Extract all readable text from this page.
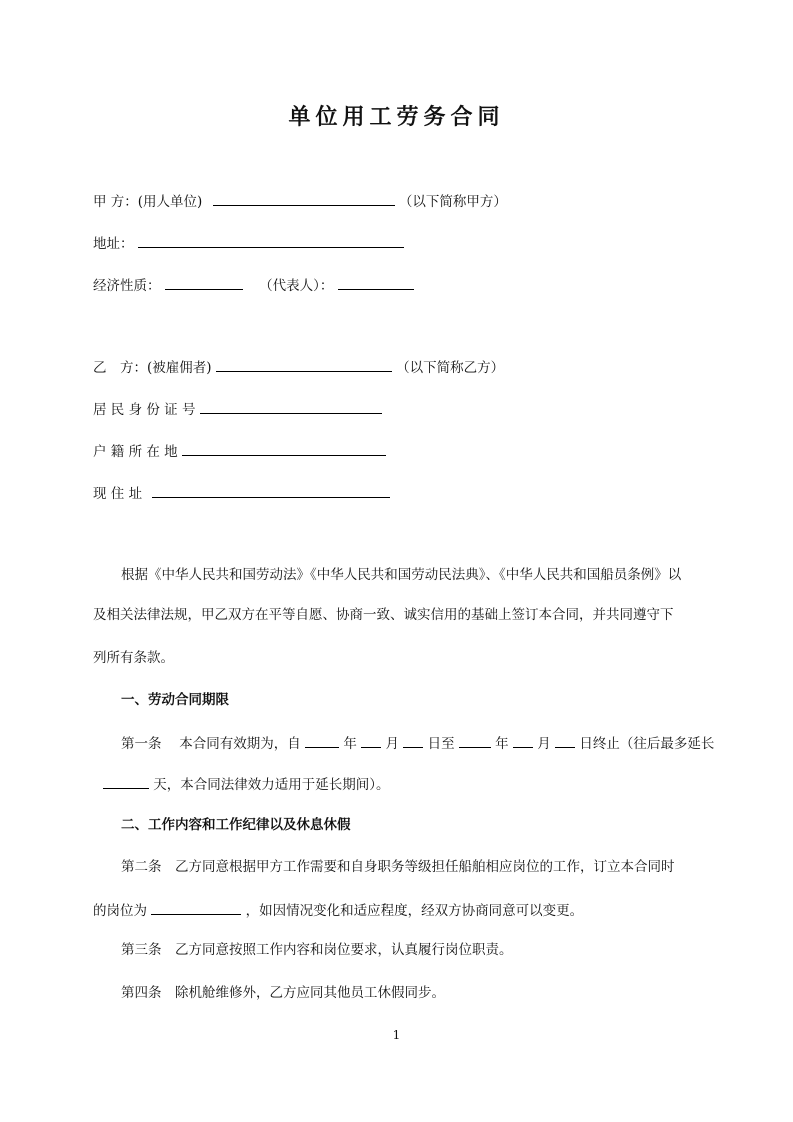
单位用工劳务合同
甲 方：(用人单位)	（以下简称甲方）
地址：
经济性质：	（代表人）：
乙　方：(被雇佣者)	（以下简称乙方）
居 民 身 份 证 号
户 籍 所 在 地
现 住 址
根据《中华人民共和国劳动法》《中华人民共和国劳动民法典》、《中华人民共和国船员条例》以
及相关法律法规，甲乙双方在平等自愿、协商一致、诚实信用的基础上签订本合同，并共同遵守下
列所有条款。
一、劳动合同期限
第一条　 本合同有效期为，自	年 月 日至	年 月 日终止（往后最多延长
天，本合同法律效力适用于延长期间）。
二、工作内容和工作纪律以及休息休假
第二条　乙方同意根据甲方工作需要和自身职务等级担任船舶相应岗位的工作，订立本合同时
的岗位为	，如因情况变化和适应程度，经双方协商同意可以变更。
第三条　乙方同意按照工作内容和岗位要求，认真履行岗位职责。
第四条　除机舱维修外，乙方应同其他员工休假同步。
1
